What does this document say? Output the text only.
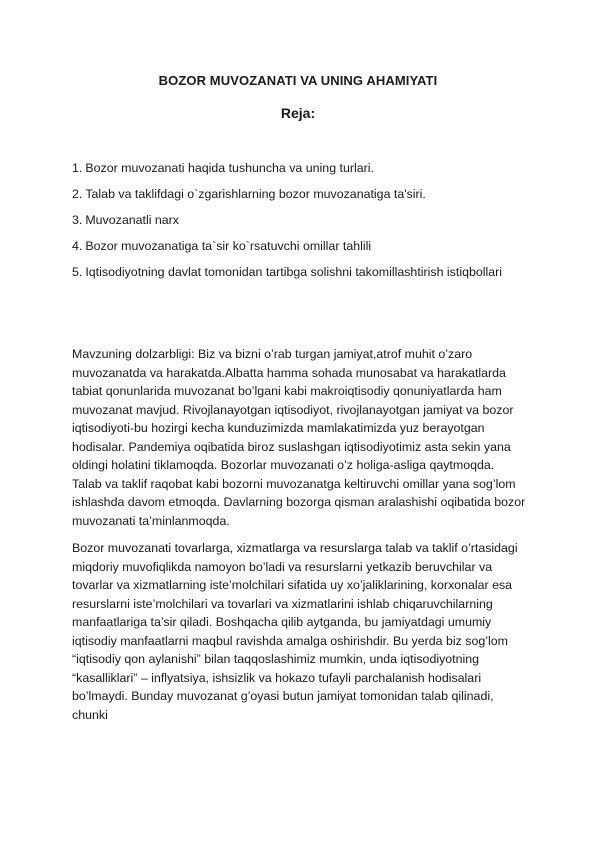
BOZOR MUVOZANATI VA UNING AHAMIYATI
Reja:
1. Bozor muvozanati haqida tushuncha va uning turlari.
2. Talab va taklifdagi o`zgarishlarning bozor muvozanatiga ta'siri.
3. Muvozanatli narx
4. Bozor muvozanatiga ta`sir ko`rsatuvchi omillar tahlili
5. Iqtisodiyotning davlat tomonidan tartibga solishni takomillashtirish istiqbollari

Mavzuning dolzarbligi: Biz va bizni o’rab turgan jamiyat,atrof muhit o’zaro muvozanatda va harakatda.Albatta hamma sohada munosabat va harakatlarda tabiat qonunlarida muvozanat bo’lgani kabi makroiqtisodiy qonuniyatlarda ham muvozanat mavjud. Rivojlanayotgan iqtisodiyot, rivojlanayotgan jamiyat va bozor iqtisodiyoti-bu hozirgi kecha kunduzimizda mamlakatimizda yuz berayotgan hodisalar. Pandemiya oqibatida biroz suslashgan iqtisodiyotimiz asta sekin yana oldingi holatini tiklamoqda. Bozorlar muvozanati o’z holiga-asliga qaytmoqda. Talab va taklif raqobat kabi bozorni muvozanatga keltiruvchi omillar yana sog’lom ishlashda davom etmoqda. Davlarning bozorga qisman aralashishi oqibatida bozor muvozanati ta’minlanmoqda.

Bozor muvozanati tovarlarga, xizmatlarga va resurslarga talab va taklif o’rtasidagi miqdoriy muvofiqlikda namoyon bo’ladi va resurslarni yetkazib beruvchilar va tovarlar va xizmatlarning iste’molchilari sifatida uy xo’jaliklarining, korxonalar esa resurslarni iste’molchilari va tovarlari va xizmatlarini ishlab chiqaruvchilarning manfaatlariga ta’sir qiladi. Boshqacha qilib aytganda, bu jamiyatdagi umumiy iqtisodiy manfaatlarni maqbul ravishda amalga oshirishdir. Bu yerda biz sog’lom “iqtisodiy qon aylanishi” bilan taqqoslashimiz mumkin, unda iqtisodiyotning “kasalliklari” – inflyatsiya, ishsizlik va hokazo tufayli parchalanish hodisalari bo’lmaydi. Bunday muvozanat g’oyasi butun jamiyat tomonidan talab qilinadi, chunki
